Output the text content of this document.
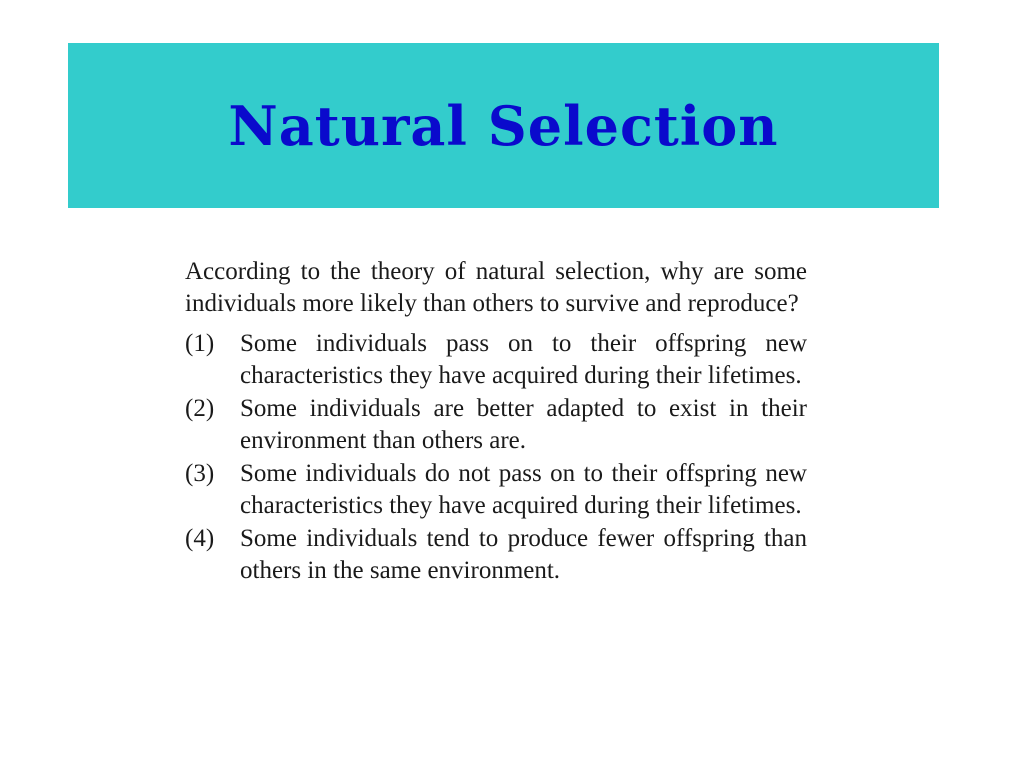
Natural Selection

According to the theory of natural selection, why are some individuals more likely than others to survive and reproduce?

(1)	Some individuals pass on to their offspring new characteristics they have acquired during their lifetimes.
(2)	Some individuals are better adapted to exist in their environment than others are.
(3)	Some individuals do not pass on to their offspring new characteristics they have acquired during their lifetimes.
(4)	Some individuals tend to produce fewer offspring than others in the same environment.
